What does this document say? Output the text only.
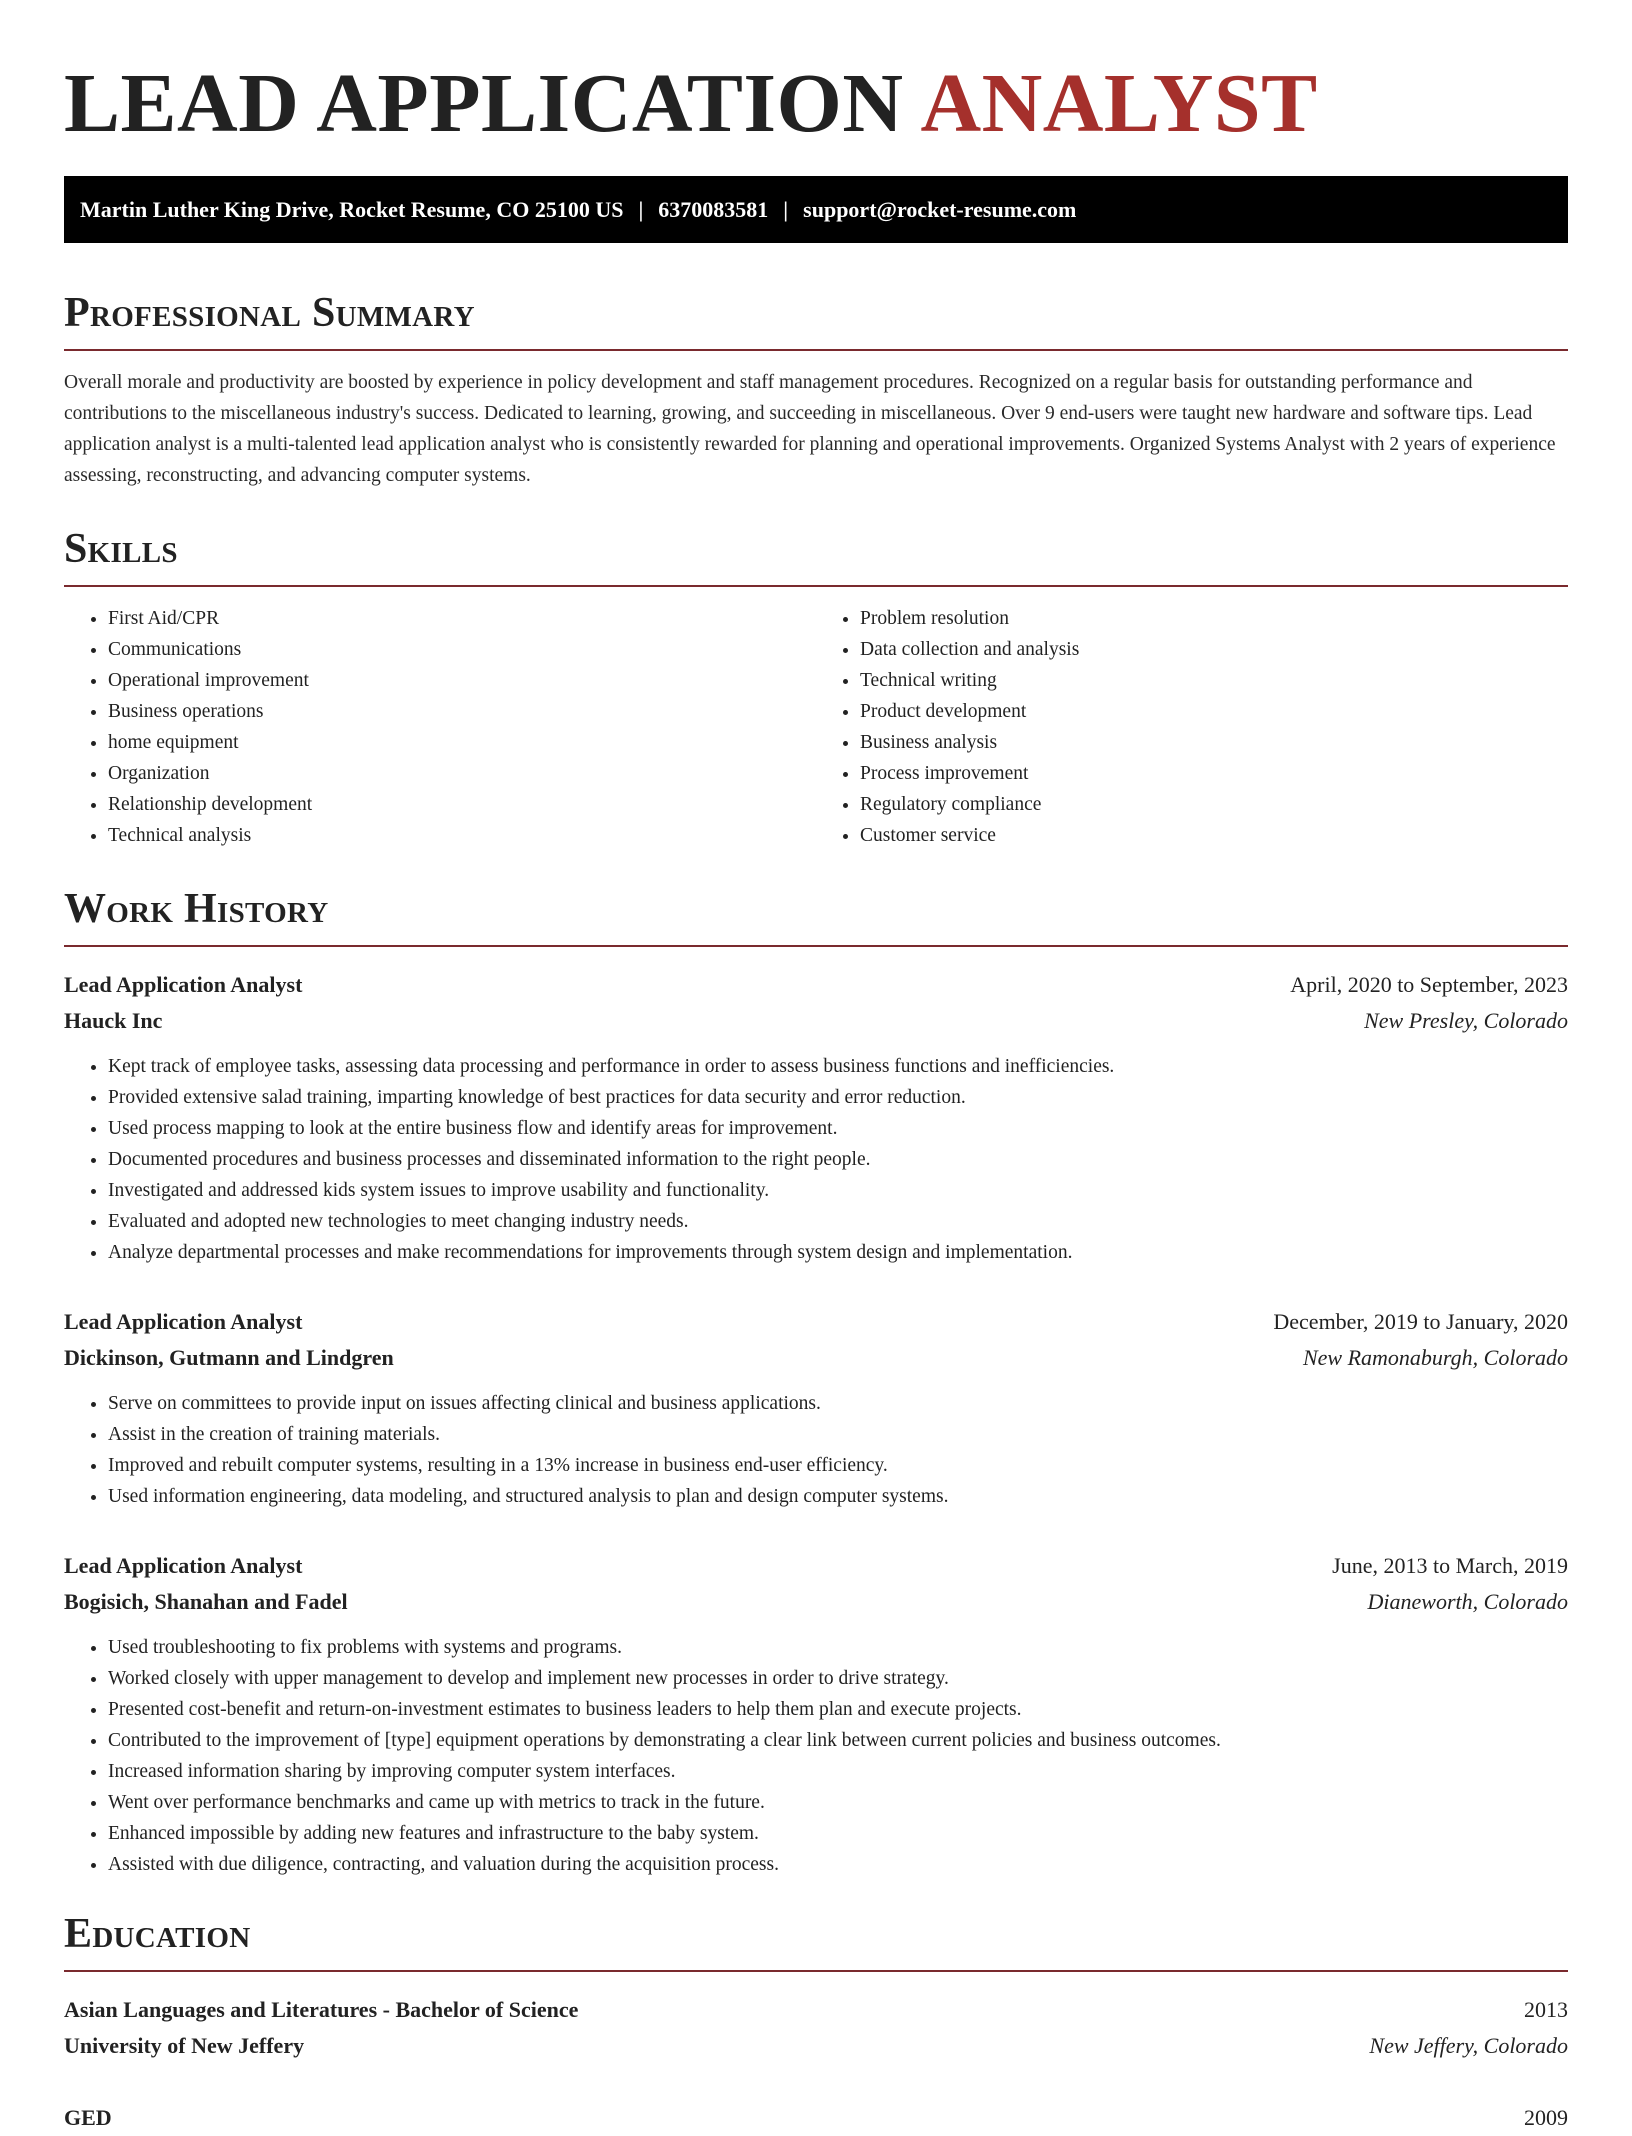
LEAD APPLICATION ANALYST
Martin Luther King Drive, Rocket Resume, CO 25100 US | 6370083581 | support@rocket-resume.com
Professional Summary

Overall morale and productivity are boosted by experience in policy development and staff management procedures. Recognized on a regular basis for outstanding performance and contributions to the miscellaneous industry's success. Dedicated to learning, growing, and succeeding in miscellaneous. Over 9 end-users were taught new hardware and software tips. Lead application analyst is a multi-talented lead application analyst who is consistently rewarded for planning and operational improvements. Organized Systems Analyst with 2 years of experience assessing, reconstructing, and advancing computer systems.

Skills
• First Aid/CPR
• Communications
• Operational improvement
• Business operations
• home equipment
• Organization
• Relationship development
• Technical analysis
• Problem resolution
• Data collection and analysis
• Technical writing
• Product development
• Business analysis
• Process improvement
• Regulatory compliance
• Customer service
Work History
Lead Application Analyst	April, 2020 to September, 2023
Hauck Inc	New Presley, Colorado
• Kept track of employee tasks, assessing data processing and performance in order to assess business functions and inefficiencies.
• Provided extensive salad training, imparting knowledge of best practices for data security and error reduction.
• Used process mapping to look at the entire business flow and identify areas for improvement.
• Documented procedures and business processes and disseminated information to the right people.
• Investigated and addressed kids system issues to improve usability and functionality.
• Evaluated and adopted new technologies to meet changing industry needs.
• Analyze departmental processes and make recommendations for improvements through system design and implementation.
Lead Application Analyst	December, 2019 to January, 2020
Dickinson, Gutmann and Lindgren	New Ramonaburgh, Colorado
• Serve on committees to provide input on issues affecting clinical and business applications.
• Assist in the creation of training materials.
• Improved and rebuilt computer systems, resulting in a 13% increase in business end-user efficiency.
• Used information engineering, data modeling, and structured analysis to plan and design computer systems.
Lead Application Analyst	June, 2013 to March, 2019
Bogisich, Shanahan and Fadel	Dianeworth, Colorado
• Used troubleshooting to fix problems with systems and programs.
• Worked closely with upper management to develop and implement new processes in order to drive strategy.
• Presented cost-benefit and return-on-investment estimates to business leaders to help them plan and execute projects.
• Contributed to the improvement of [type] equipment operations by demonstrating a clear link between current policies and business outcomes.
• Increased information sharing by improving computer system interfaces.
• Went over performance benchmarks and came up with metrics to track in the future.
• Enhanced impossible by adding new features and infrastructure to the baby system.
• Assisted with due diligence, contracting, and valuation during the acquisition process.
Education
Asian Languages and Literatures - Bachelor of Science	2013
University of New Jeffery	New Jeffery, Colorado
GED	2009
